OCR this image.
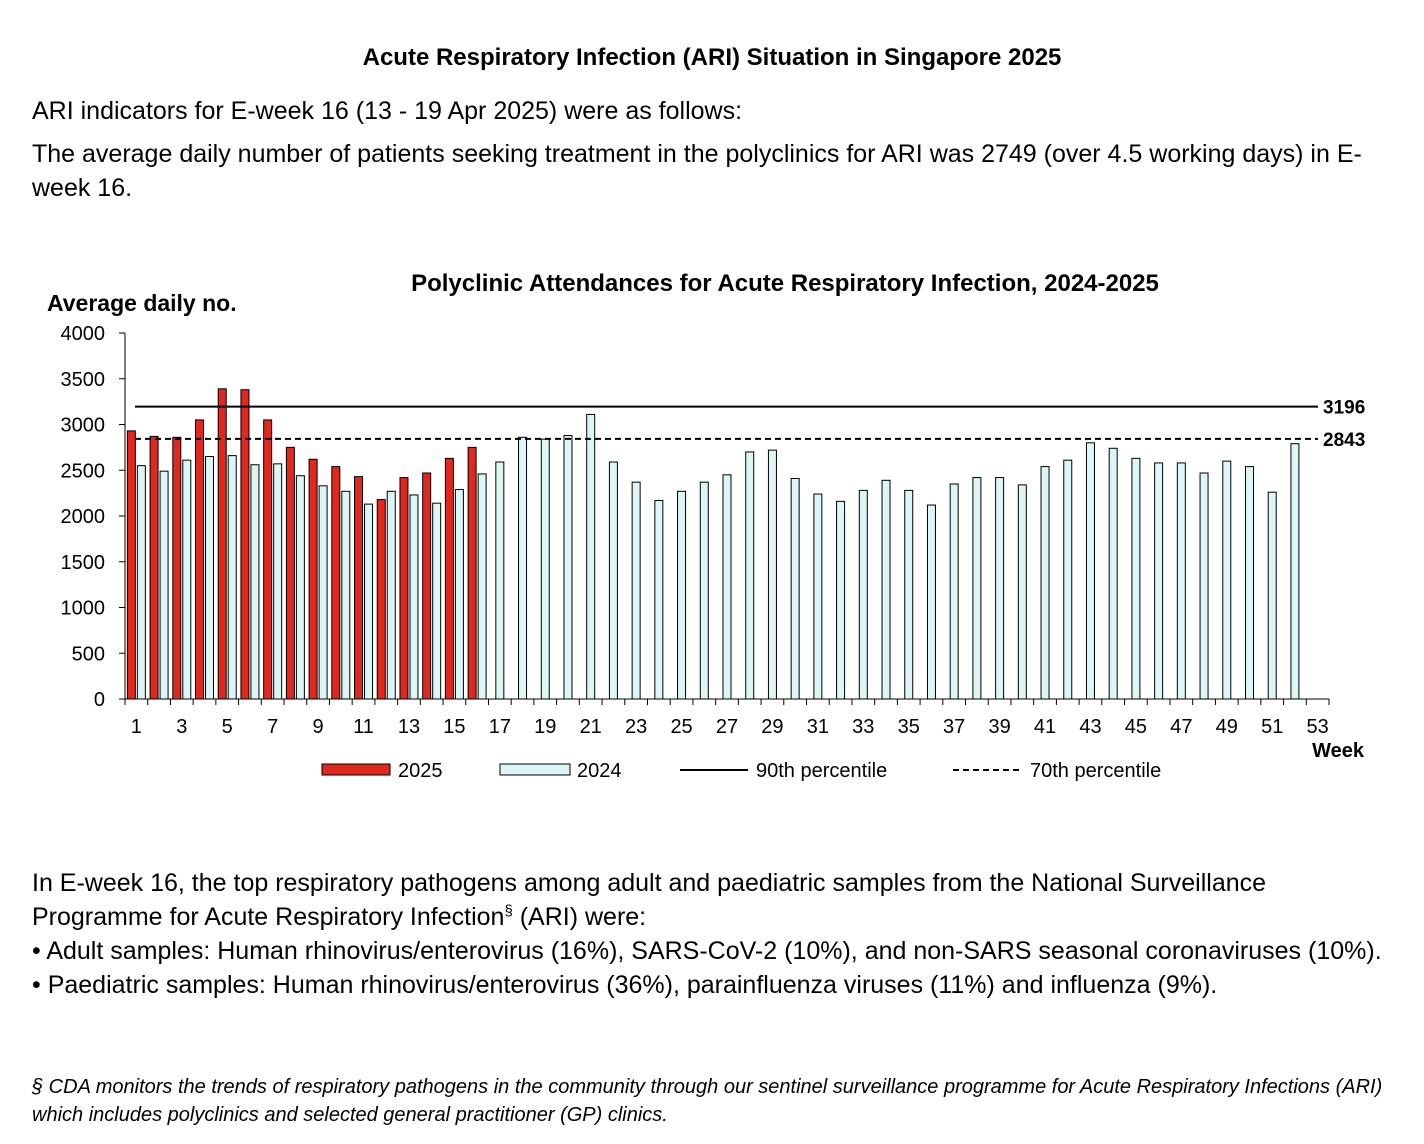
Acute Respiratory Infection (ARI) Situation in Singapore 2025
ARI indicators for E-week 16 (13 - 19 Apr 2025) were as follows:
The average daily number of patients seeking treatment in the polyclinics for ARI was 2749 (over 4.5 working days) in E-week 16.
Polyclinic Attendances for Acute Respiratory Infection, 2024-2025
Average daily no.
Week
0
500
1000
1500
2000
2500
3000
3500
4000
1 3 5 7 9 11 13 15 17 19 21 23 25 27 29 31 33 35 37 39 41 43 45 47 49 51 53
3196
2843
2025	2024	90th percentile	70th percentile
In E-week 16, the top respiratory pathogens among adult and paediatric samples from the National Surveillance Programme for Acute Respiratory Infection§ (ARI) were:
• Adult samples: Human rhinovirus/enterovirus (16%), SARS-CoV-2 (10%), and non-SARS seasonal coronaviruses (10%).
• Paediatric samples: Human rhinovirus/enterovirus (36%), parainfluenza viruses (11%) and influenza (9%).
§ CDA monitors the trends of respiratory pathogens in the community through our sentinel surveillance programme for Acute Respiratory Infections (ARI) which includes polyclinics and selected general practitioner (GP) clinics.
